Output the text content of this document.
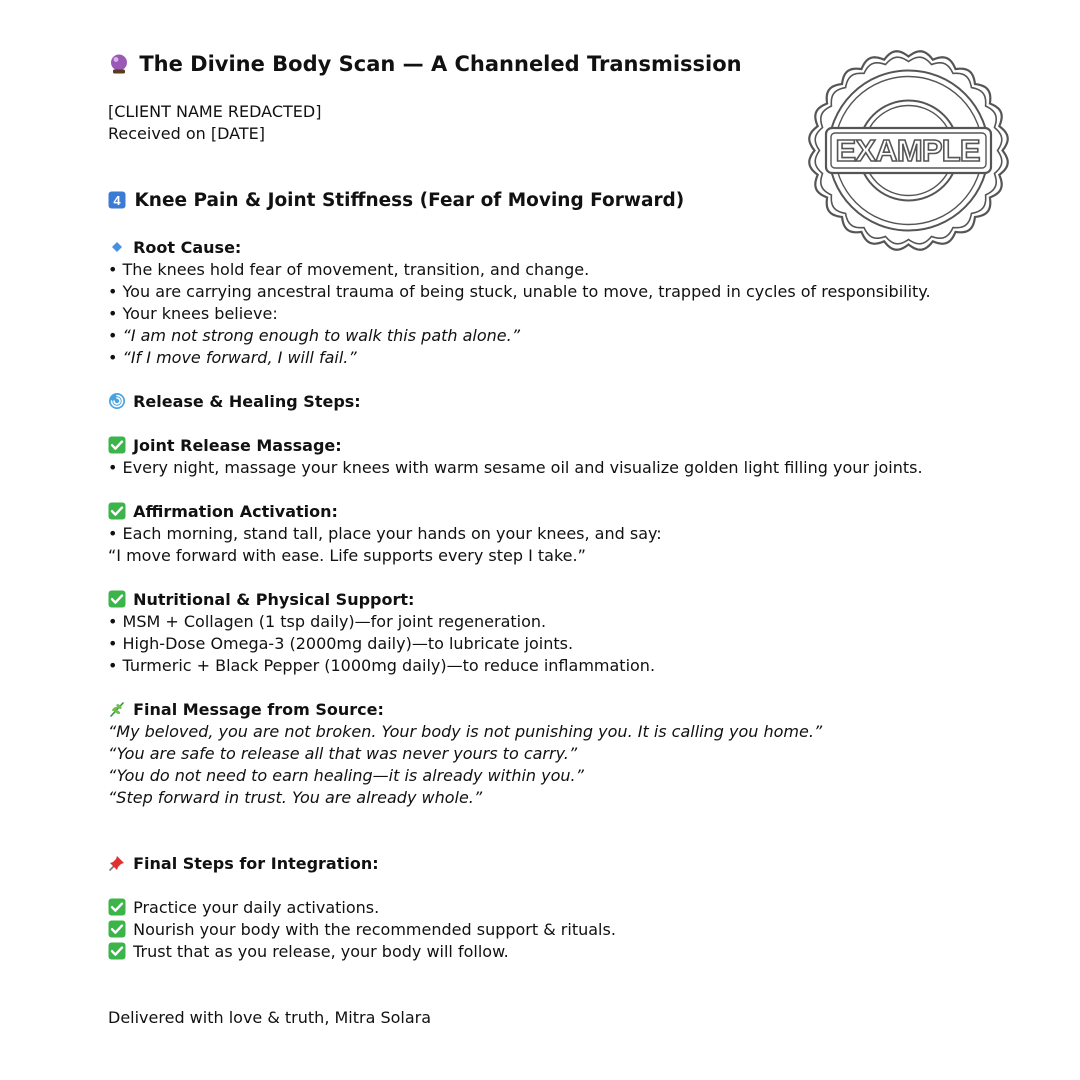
The Divine Body Scan — A Channeled Transmission
[CLIENT NAME REDACTED]
Received on [DATE]
4 Knee Pain & Joint Stiffness (Fear of Moving Forward)
Root Cause:
• The knees hold fear of movement, transition, and change.
• You are carrying ancestral trauma of being stuck, unable to move, trapped in cycles of responsibility.
• Your knees believe:
• “I am not strong enough to walk this path alone.”
• “If I move forward, I will fail.”
Release & Healing Steps:
Joint Release Massage:
• Every night, massage your knees with warm sesame oil and visualize golden light filling your joints.
Affirmation Activation:
• Each morning, stand tall, place your hands on your knees, and say:
“I move forward with ease. Life supports every step I take.”
Nutritional & Physical Support:
• MSM + Collagen (1 tsp daily)—for joint regeneration.
• High-Dose Omega-3 (2000mg daily)—to lubricate joints.
• Turmeric + Black Pepper (1000mg daily)—to reduce inflammation.
Final Message from Source:
“My beloved, you are not broken. Your body is not punishing you. It is calling you home.”
“You are safe to release all that was never yours to carry.”
“You do not need to earn healing—it is already within you.”
“Step forward in trust. You are already whole.”
Final Steps for Integration:
Practice your daily activations.
Nourish your body with the recommended support & rituals.
Trust that as you release, your body will follow.
Delivered with love & truth, Mitra Solara
EXAMPLE
